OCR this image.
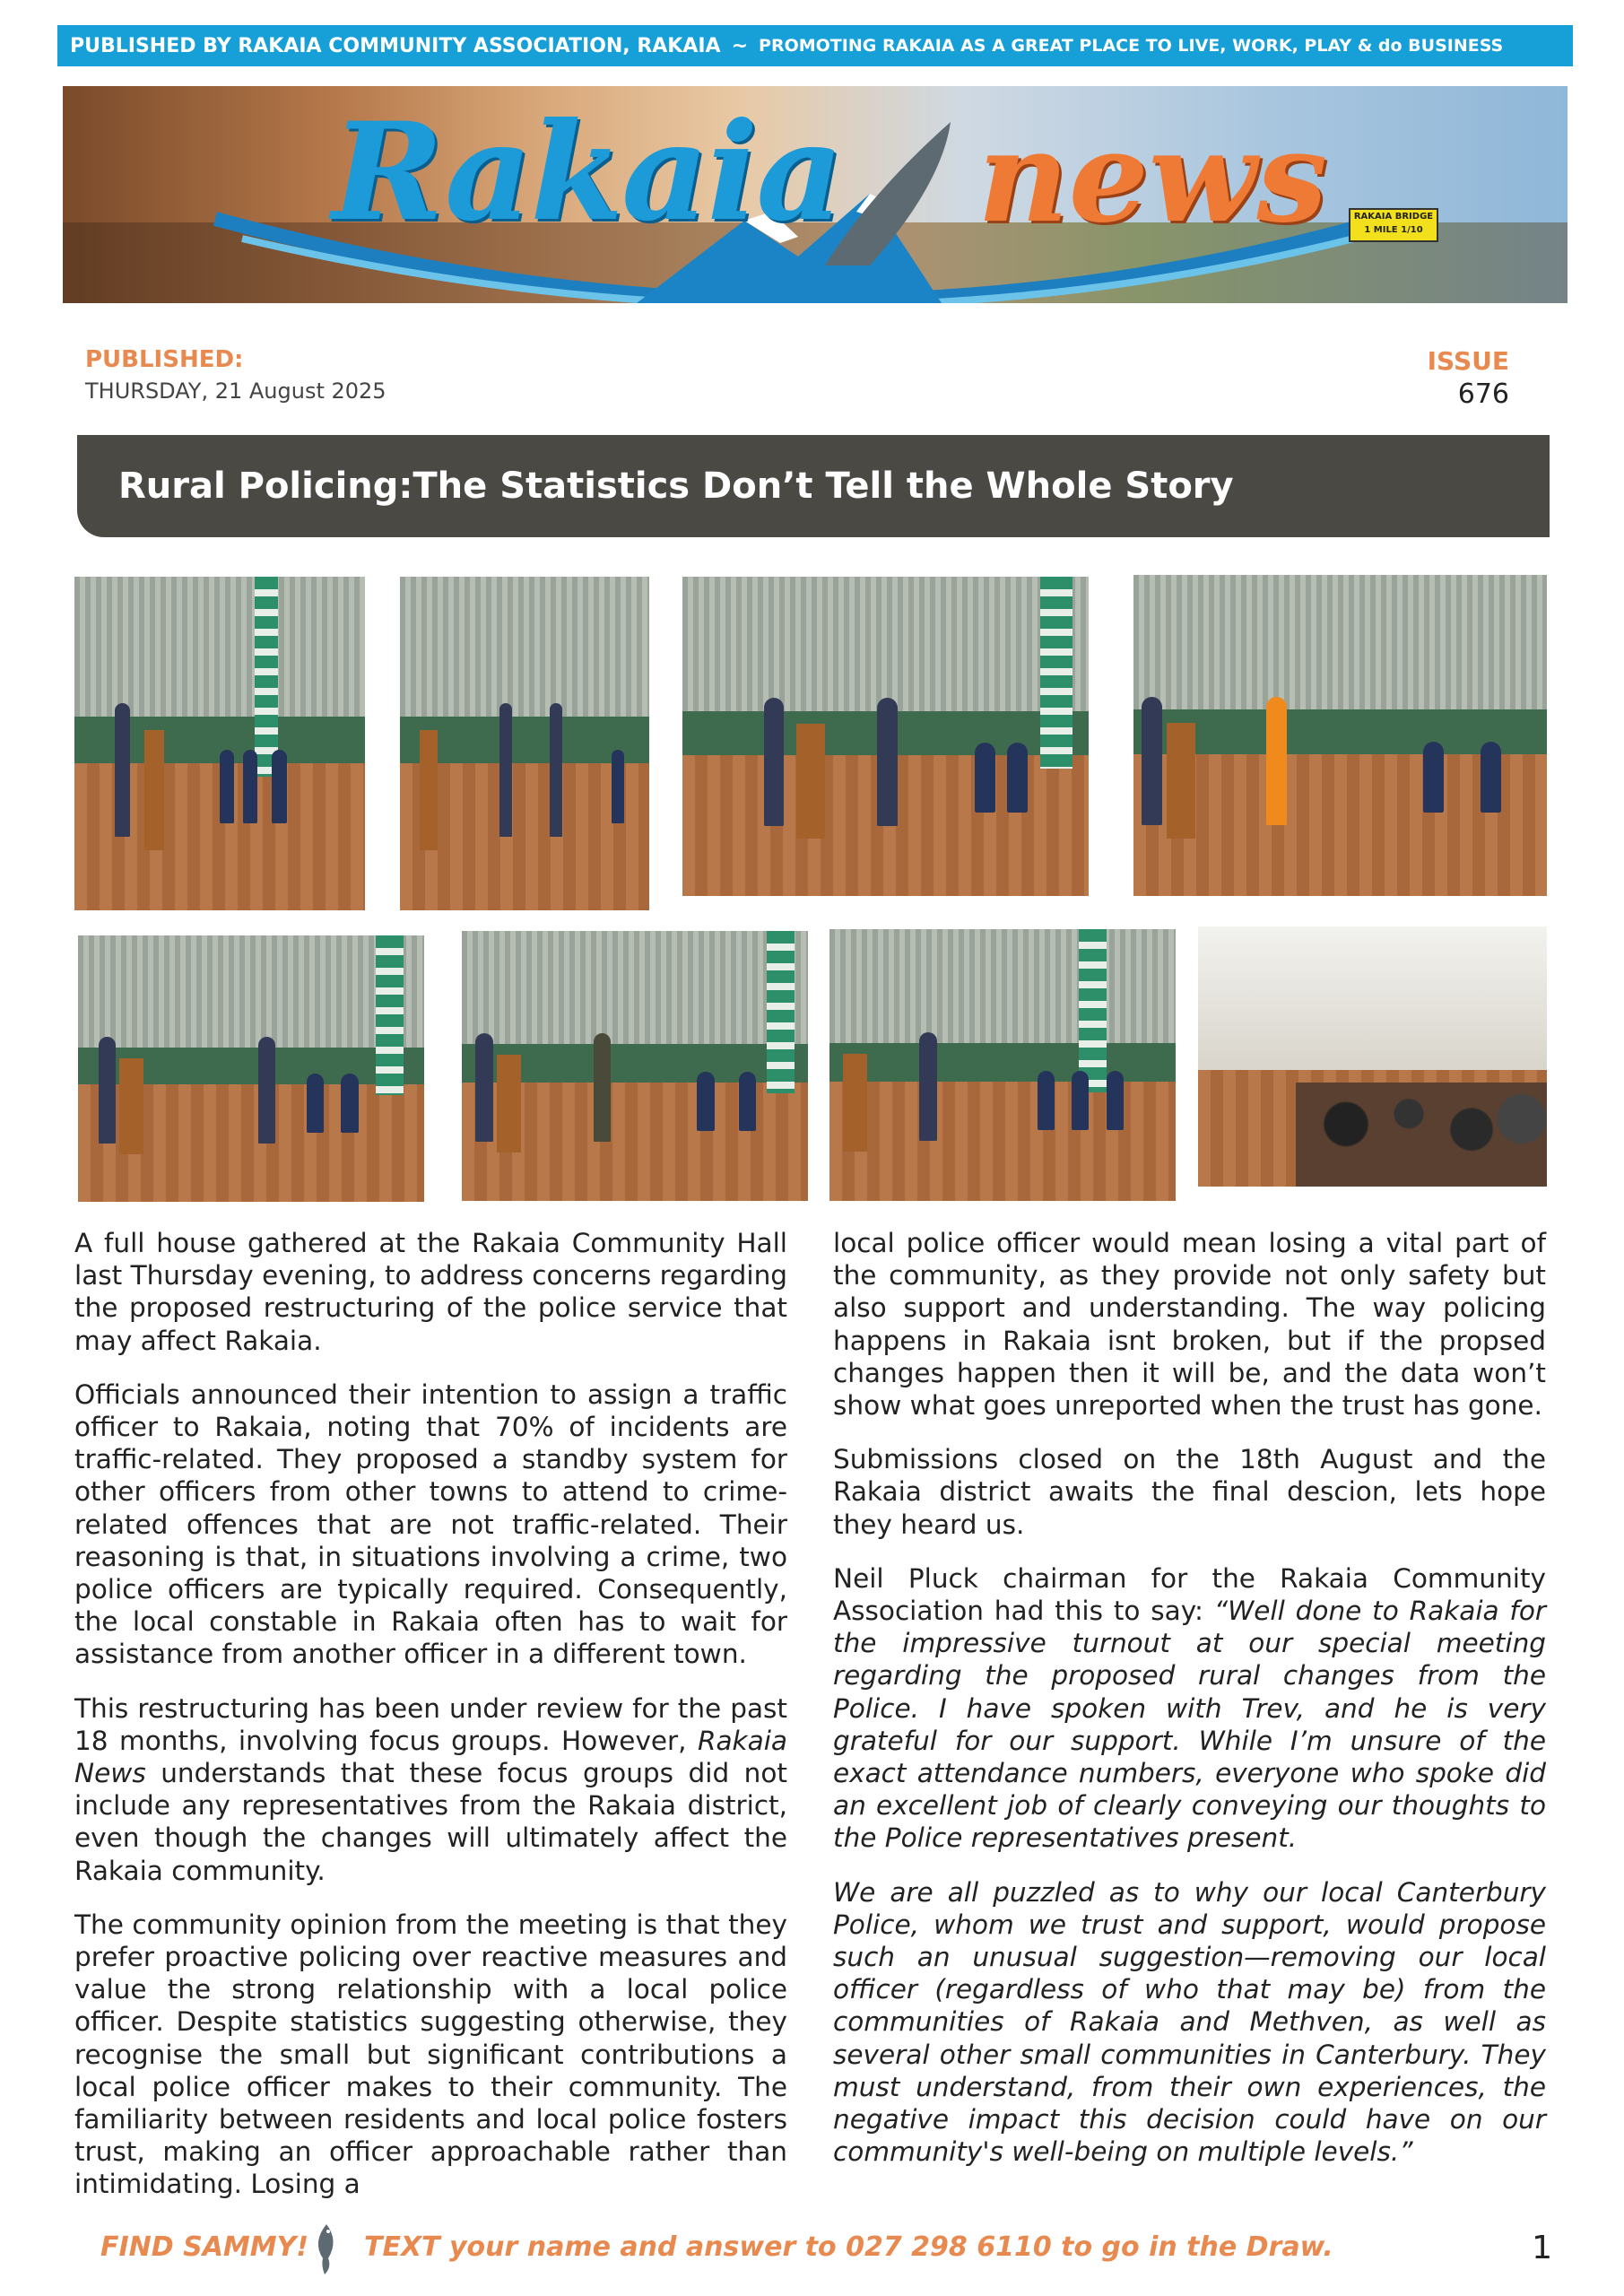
PUBLISHED BY RAKAIA COMMUNITY ASSOCIATION, RAKAIA ~ PROMOTING RAKAIA AS A GREAT PLACE TO LIVE, WORK, PLAY & do BUSINESS
Rakaia news	RAKAIA BRIDGE
1 MILE 1/10
PUBLISHED:
THURSDAY, 21 August 2025
ISSUE
676
Rural Policing:The Statistics Don’t Tell the Whole Story

A full house gathered at the Rakaia Community Hall last Thursday evening, to address concerns regarding the proposed restructuring of the police service that may affect Rakaia.

Officials announced their intention to assign a traffic officer to Rakaia, noting that 70% of incidents are traffic-related. They proposed a standby system for other officers from other towns to attend to crime-related offences that are not traffic-related. Their reasoning is that, in situations involving a crime, two police officers are typically required. Consequently, the local constable in Rakaia often has to wait for assistance from another officer in a different town.

This restructuring has been under review for the past 18 months, involving focus groups. However, Rakaia News understands that these focus groups did not include any representatives from the Rakaia district, even though the changes will ultimately affect the Rakaia community.

The community opinion from the meeting is that they prefer proactive policing over reactive measures and value the strong relationship with a local police officer. Despite statistics suggesting otherwise, they recognise the small but significant contributions a local police officer makes to their community. The familiarity between residents and local police fosters trust, making an officer approachable rather than intimidating. Losing a

local police officer would mean losing a vital part of the community, as they provide not only safety but also support and understanding. The way policing happens in Rakaia isnt broken, but if the propsed changes happen then it will be, and the data won’t show what goes unreported when the trust has gone.

Submissions closed on the 18th August and the Rakaia district awaits the final descion, lets hope they heard us.

Neil Pluck chairman for the Rakaia Community Association had this to say: “Well done to Rakaia for the impressive turnout at our special meeting regarding the proposed rural changes from the Police. I have spoken with Trev, and he is very grateful for our support. While I’m unsure of the exact attendance numbers, everyone who spoke did an excellent job of clearly conveying our thoughts to the Police representatives present.

We are all puzzled as to why our local Canterbury Police, whom we trust and support, would propose such an unusual suggestion—removing our local officer (regardless of who that may be) from the communities of Rakaia and Methven, as well as several other small communities in Canterbury. They must understand, from their own experiences, the negative impact this decision could have on our community's well-being on multiple levels.”

FIND SAMMY! TEXT your name and answer to 027 298 6110 to go in the Draw.	1
